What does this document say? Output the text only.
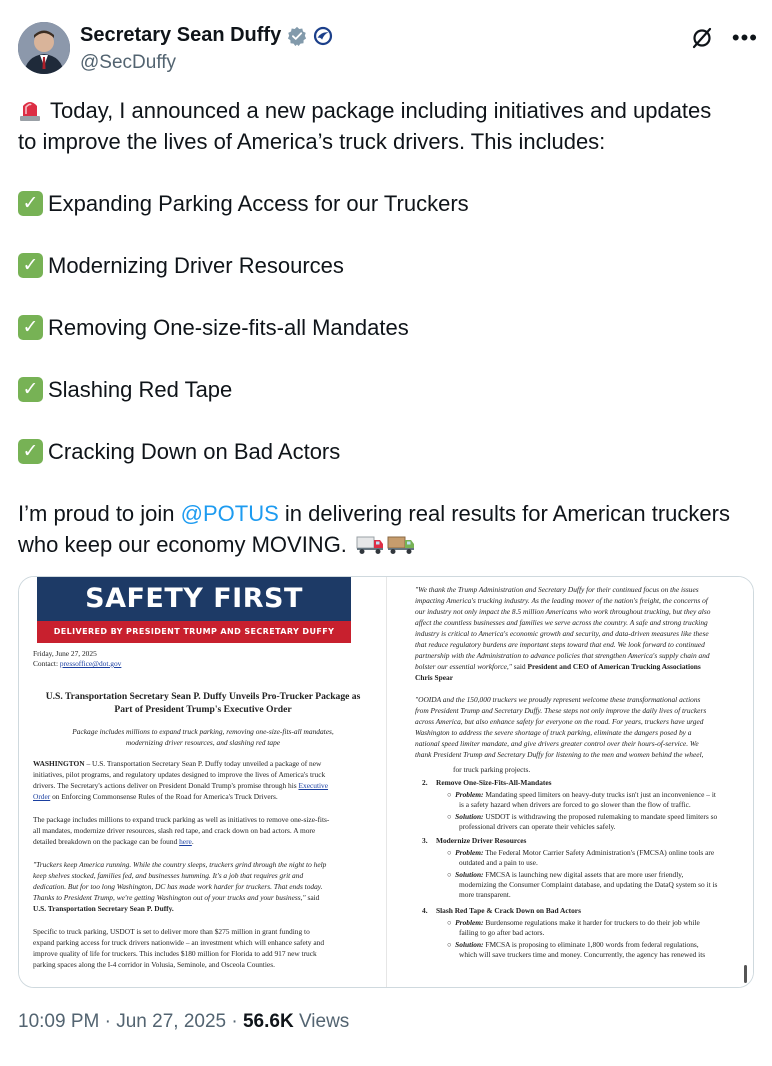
Secretary Sean Duffy
@SecDuffy
•••
Today, I announced a new package including initiatives and updates
to improve the lives of America’s truck drivers. This includes:
✓ Expanding Parking Access for our Truckers
✓ Modernizing Driver Resources
✓ Removing One-size-fits-all Mandates
✓ Slashing Red Tape
✓ Cracking Down on Bad Actors
I’m proud to join @POTUS in delivering real results for American truckers
who keep our economy MOVING.
SAFETY FIRST
DELIVERED BY PRESIDENT TRUMP AND SECRETARY DUFFY
Friday, June 27, 2025
Contact: pressoffice@dot.gov
U.S. Transportation Secretary Sean P. Duffy Unveils Pro-Trucker Package as
Part of President Trump's Executive Order
Package includes millions to expand truck parking, removing one-size-fits-all mandates,
modernizing driver resources, and slashing red tape
WASHINGTON – U.S. Transportation Secretary Sean P. Duffy today unveiled a package of new
initiatives, pilot programs, and regulatory updates designed to improve the lives of America's truck
drivers. The Secretary's actions deliver on President Donald Trump's promise through his Executive
Order on Enforcing Commonsense Rules of the Road for America's Truck Drivers.
The package includes millions to expand truck parking as well as initiatives to remove one-size-fits-
all mandates, modernize driver resources, slash red tape, and crack down on bad actors. A more
detailed breakdown on the package can be found here.
"Truckers keep America running. While the country sleeps, truckers grind through the night to help
keep shelves stocked, families fed, and businesses humming. It's a job that requires grit and
dedication. But for too long Washington, DC has made work harder for truckers. That ends today.
Thanks to President Trump, we're getting Washington out of your trucks and your business," said
U.S. Transportation Secretary Sean P. Duffy.
Specific to truck parking, USDOT is set to deliver more than $275 million in grant funding to
expand parking access for truck drivers nationwide – an investment which will enhance safety and
improve quality of life for truckers. This includes $180 million for Florida to add 917 new truck
parking spaces along the I-4 corridor in Volusia, Seminole, and Osceola Counties.
"We thank the Trump Administration and Secretary Duffy for their continued focus on the issues
impacting America's trucking industry. As the leading mover of the nation's freight, the concerns of
our industry not only impact the 8.5 million Americans who work throughout trucking, but they also
affect the countless businesses and families we serve across the country. A safe and strong trucking
industry is critical to America's economic growth and security, and data-driven measures like these
that reduce regulatory burdens are important steps toward that end. We look forward to continued
partnership with the Administration to advance policies that strengthen America's supply chain and
bolster our essential workforce," said President and CEO of American Trucking Associations
Chris Spear
"OOIDA and the 150,000 truckers we proudly represent welcome these transformational actions
from President Trump and Secretary Duffy. These steps not only improve the daily lives of truckers
across America, but also enhance safety for everyone on the road. For years, truckers have urged
Washington to address the severe shortage of truck parking, eliminate the dangers posed by a
national speed limiter mandate, and give drivers greater control over their hours-of-service. We
thank President Trump and Secretary Duffy for listening to the men and women behind the wheel,
for truck parking projects.
2. Remove One-Size-Fits-All-Mandates
○  Problem: Mandating speed limiters on heavy-duty trucks isn't just an inconvenience – it
is a safety hazard when drivers are forced to go slower than the flow of traffic.
○  Solution: USDOT is withdrawing the proposed rulemaking to mandate speed limiters so
professional drivers can operate their vehicles safely.
3. Modernize Driver Resources
○  Problem: The Federal Motor Carrier Safety Administration's (FMCSA) online tools are
outdated and a pain to use.
○  Solution: FMCSA is launching new digital assets that are more user friendly,
modernizing the Consumer Complaint database, and updating the DataQ system so it is
more transparent.
4. Slash Red Tape & Crack Down on Bad Actors
○  Problem: Burdensome regulations make it harder for truckers to do their job while
failing to go after bad actors.
○  Solution: FMCSA is proposing to eliminate 1,800 words from federal regulations,
which will save truckers time and money. Concurrently, the agency has renewed its
10:09 PM · Jun 27, 2025 · 56.6K Views
